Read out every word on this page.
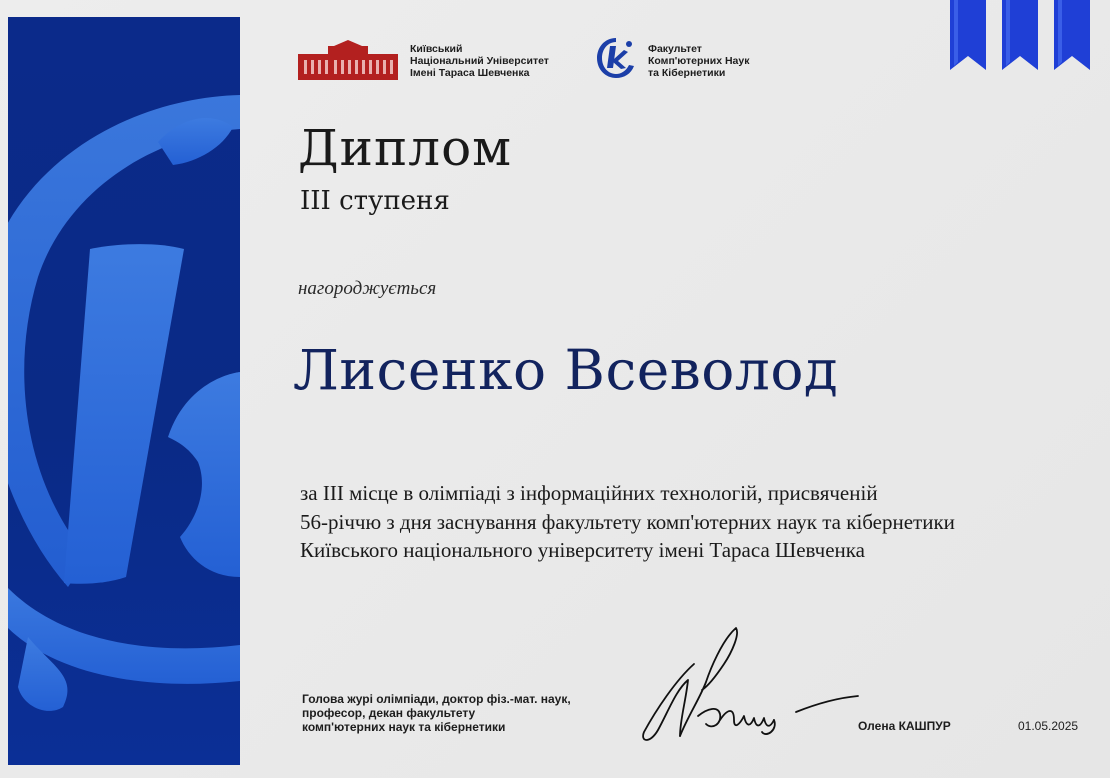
Київський
Національний Університет
Імені Тараса Шевченка
Факультет
Комп'ютерних Наук
та Кібернетики
Диплом
III ступеня
нагороджується
Лисенко Всеволод
за III місце в олімпіаді з інформаційних технологій, присвяченій
56-річчю з дня заснування факультету комп'ютерних наук та кібернетики
Київського національного університету імені Тараса Шевченка
Голова журі олімпіади, доктор фіз.-мат. наук,
професор, декан факультету
комп'ютерних наук та кібернетики	Олена КАШПУР	01.05.2025
